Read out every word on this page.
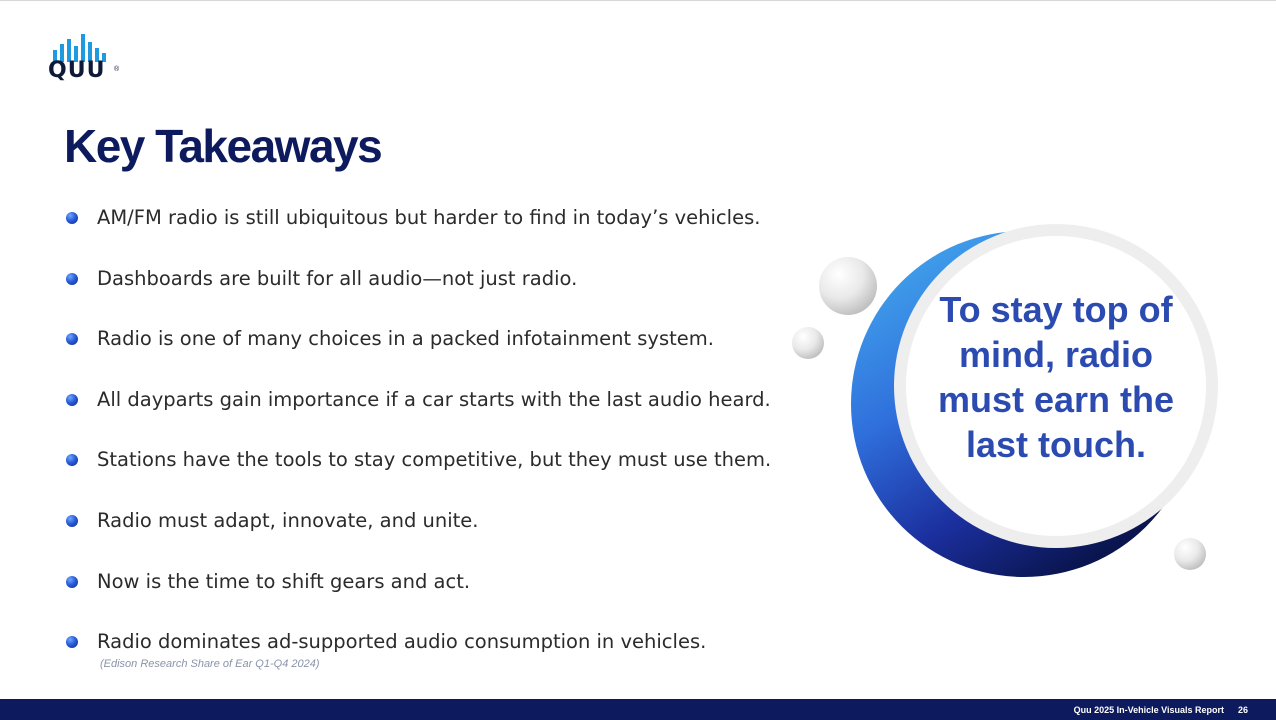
QUU ®
Key Takeaways
AM/FM radio is still ubiquitous but harder to find in today’s vehicles.
Dashboards are built for all audio—not just radio.
Radio is one of many choices in a packed infotainment system.
All dayparts gain importance if a car starts with the last audio heard.
Stations have the tools to stay competitive, but they must use them.
Radio must adapt, innovate, and unite.
Now is the time to shift gears and act.
Radio dominates ad-supported audio consumption in vehicles.
(Edison Research Share of Ear Q1-Q4 2024)
To stay top of
mind, radio
must earn the
last touch.
Quu 2025 In-Vehicle Visuals Report 26
